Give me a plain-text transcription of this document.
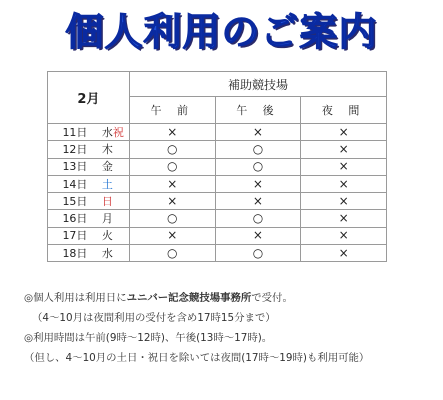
個人利用のご案内
2月		補助競技場		
		午 前	午 後	夜 間
11日	水祝	×	×	×
12日	木	○	○	×
13日	金	○	○	×
14日	土	×	×	×
15日	日	×	×	×
16日	月	○	○	×
17日	火	×	×	×
18日	水	○	○	×
◎個人利用は利用日にユニバー記念競技場事務所で受付。
（4～10月は夜間利用の受付を含め17時15分まで）
◎利用時間は午前(9時～12時)、午後(13時～17時)。
（但し、4～10月の土日・祝日を除いては夜間(17時～19時)も利用可能）
